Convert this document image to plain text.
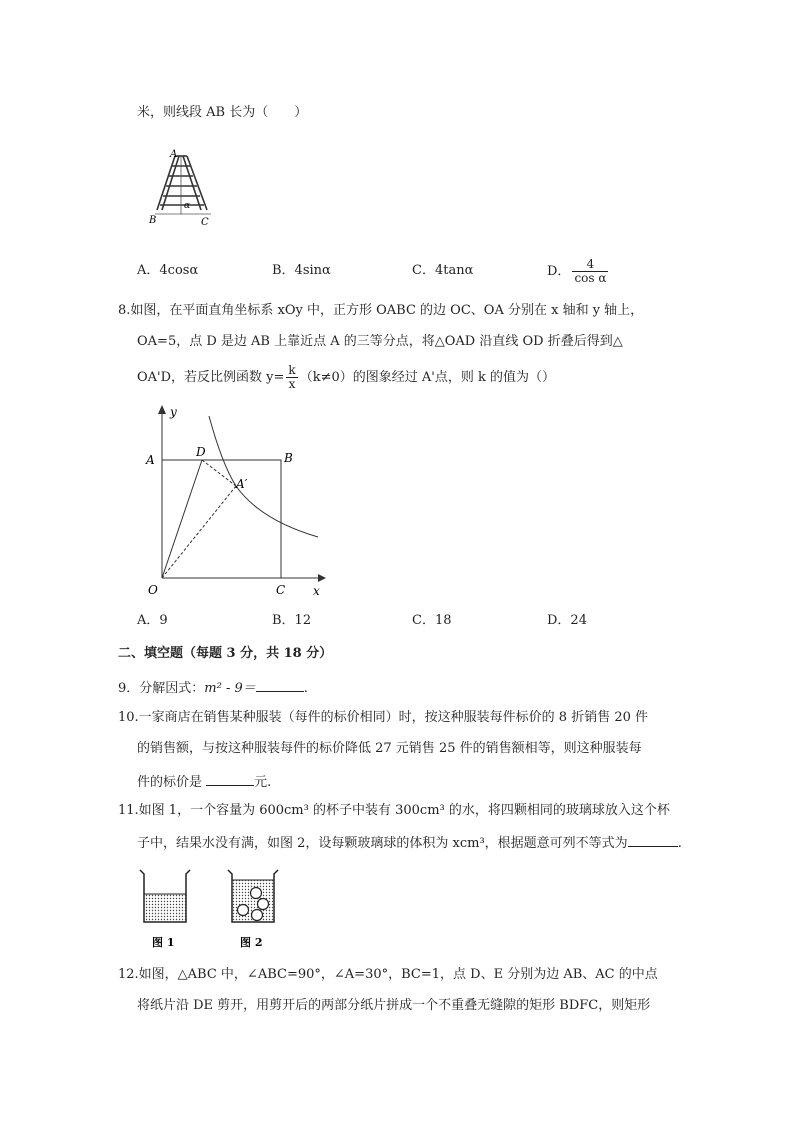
米，则线段 AB 长为（　　）
A
B	C
α
A．4cosα	B．4sinα	C．4tanα	D． $\frac{4}{\text{cos α}}$
8.如图，在平面直角坐标系 xOy 中，正方形 OABC 的边 OC、OA 分别在 x 轴和 y 轴上，
OA=5，点 D 是边 AB 上靠近点 A 的三等分点，将△OAD 沿直线 OD 折叠后得到△
OA'D，若反比例函数 $y= \frac{k}{x} (k\ne 0)$的图象经过 A'点，则 k 的值为（）
y
x
A	B
C
D
O
A′
A．9	B．12	C．18	D．24
二、填空题（每题 3 分，共 18 分）
9．分解因式：m² - 9＝	.
10.一家商店在销售某种服装（每件的标价相同）时，按这种服装每件标价的 8 折销售 20 件
的销售额，与按这种服装每件的标价降低 27 元销售 25 件的销售额相等，则这种服装每
件的标价是	元.
11.如图 1，一个容量为 600cm³ 的杯子中装有 300cm³ 的水，将四颗相同的玻璃球放入这个杯
子中，结果水没有满，如图 2，设每颗玻璃球的体积为 xcm³，根据题意可列不等式为	.
图 1	图 2
12.如图，△ABC 中，∠ABC=90°，∠A=30°，BC=1，点 D、E 分别为边 AB、AC 的中点
将纸片沿 DE 剪开，用剪开后的两部分纸片拼成一个不重叠无缝隙的矩形 BDFC，则矩形
